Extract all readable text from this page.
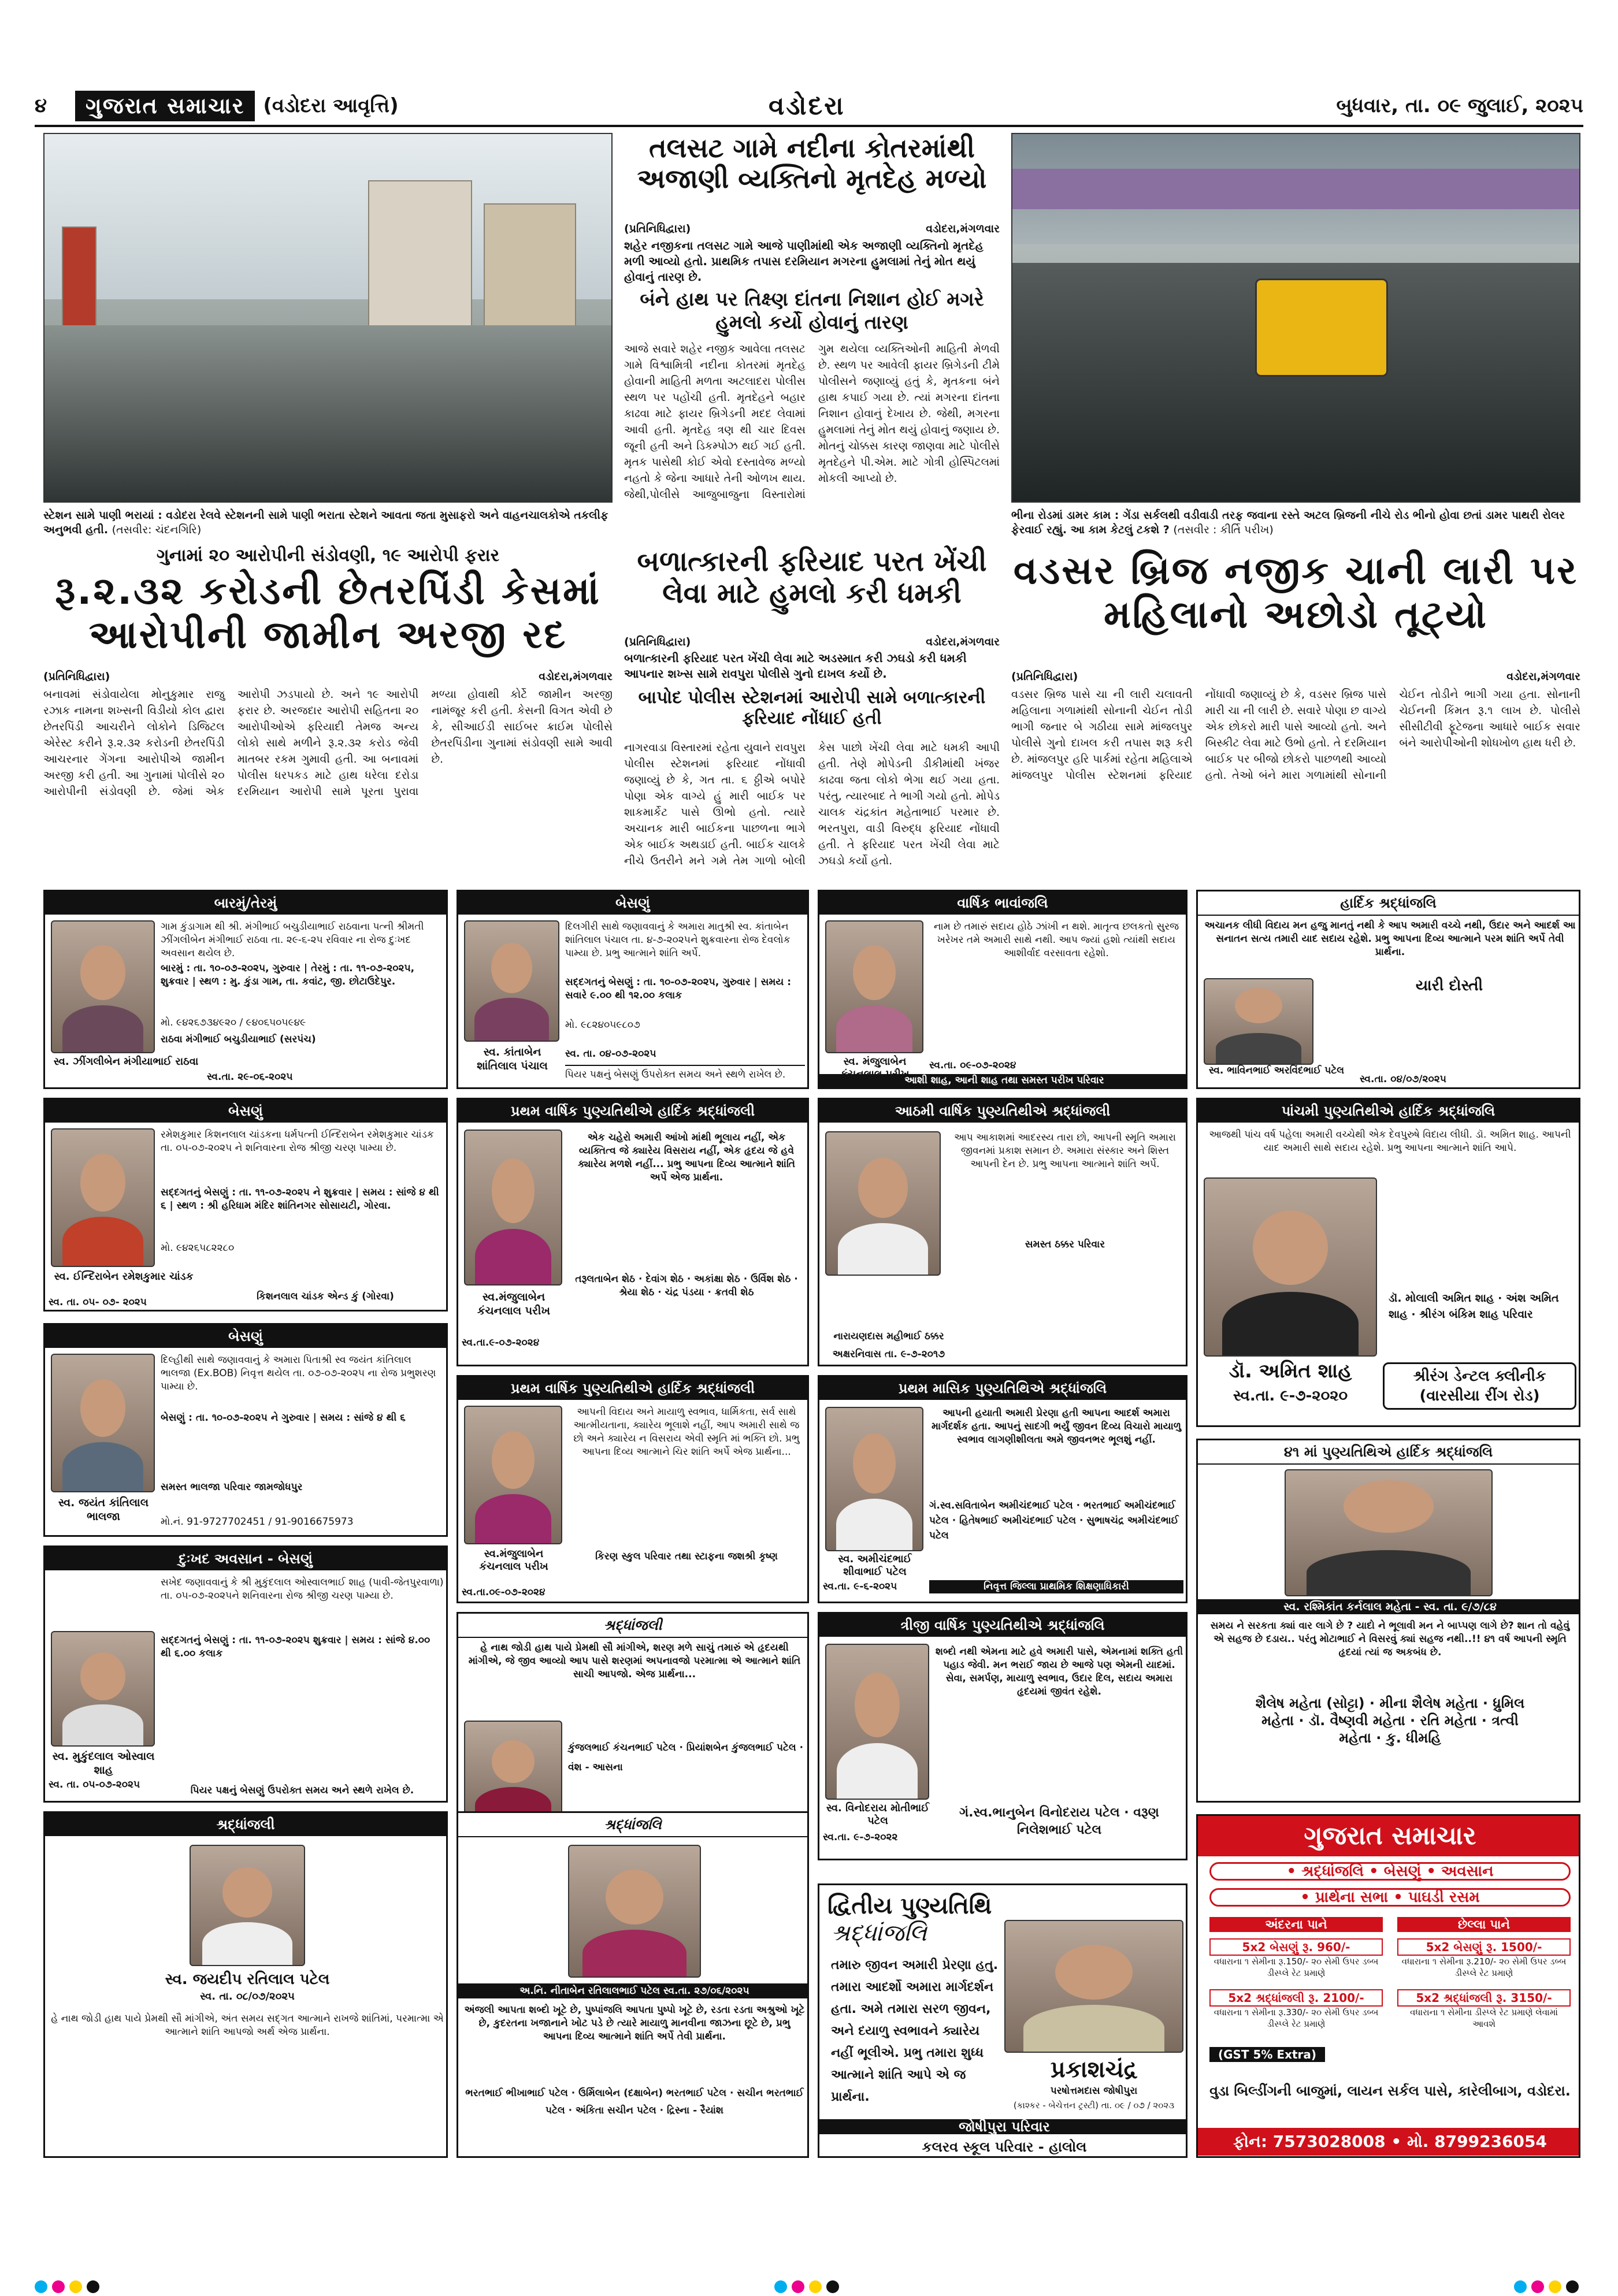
૪	ગુજરાત સમાચાર (વડોદરા આવૃત્તિ)	વડોદરા	બુધવાર, તા. ૦૯ જુલાઈ, ૨૦૨૫
સ્ટેશન સામે પાણી ભરાયાં : વડોદરા રેલવે સ્ટેશનની સામે પાણી ભરાતા સ્ટેશને આવતા જતા મુસાફરો અને વાહનચાલકોએ તકલીફ અનુભવી હતી. (તસવીર: ચંદનગિરિ)
તલસટ ગામે નદીના કોતરમાંથી અજાણી વ્યક્તિનો મૃતદેહ મળ્યો
(પ્રતિનિધિદ્વારા)	વડોદરા,મંગળવાર
શહેર નજીકના તલસટ ગામે આજે પાણીમાંથી એક અજાણી વ્યક્તિનો મૃતદેહ મળી આવ્યો હતો. પ્રાથમિક તપાસ દરમિયાન મગરના હુમલામાં તેનું મોત થયું હોવાનું તારણ છે.
બંને હાથ પર તિક્ષ્ણ દાંતના નિશાન હોઈ મગરે હુમલો કર્યો હોવાનું તારણ
આજે સવારે શહેર નજીક આવેલા તલસટ ગામે વિશ્વામિત્રી નદીના કોતરમાં મૃતદેહ હોવાની માહિતી મળતા અટલાદરા પોલીસ સ્થળ પર પહોંચી હતી. મૃતદેહને બહાર કાઢવા માટે ફાયર બ્રિગેડની મદદ લેવામાં આવી હતી. મૃતદેહ ત્રણ થી ચાર દિવસ જૂની હતી અને ડિકમ્પોઝ થઈ ગઈ હતી. મૃતક પાસેથી કોઈ એવો દસ્તાવેજ મળ્યો નહતો કે જેના આધારે તેની ઓળખ થાય. જેથી,પોલીસે આજુબાજુના વિસ્તારોમાં ગુમ થયેલા વ્યક્તિઓની માહિતી મેળવી છે. સ્થળ પર આવેલી ફાયર બ્રિગેડની ટીમે પોલીસને જણાવ્યું હતું કે, મૃતકના બંને હાથ કપાઈ ગયા છે. ત્યાં મગરના દાંતના નિશાન હોવાનું દેખાય છે. જેથી, મગરના હુમલામાં તેનું મોત થયું હોવાનું જણાય છે. મોતનું ચોક્કસ કારણ જાણવા માટે પોલીસે મૃતદેહને પી.એમ. માટે ગોત્રી હોસ્પિટલમાં મોકલી આપ્યો છે.
ભીના રોડમાં ડામર કામ : ગેંડા સર્કલથી વડીવાડી તરફ જવાના રસ્તે અટલ બ્રિજની નીચે રોડ ભીનો હોવા છતાં ડામર પાથરી રોલર ફેરવાઈ રહ્યું. આ કામ કેટલું ટકશે ? (તસવીર : કીર્તિ પરીખ)
ગુનામાં ૨૦ આરોપીની સંડોવણી, ૧૯ આરોપી ફરાર
રૂ.૨.૩૨ કરોડની છેતરપિંડી કેસમાં આરોપીની જામીન અરજી રદ
(પ્રતિનિધિદ્વારા)	વડોદરા,મંગળવાર
બનાવમાં સંડોવાયેલા મોનુકુમાર રાજુ રઝાક નામના શખ્સની વિડીયો કોલ દ્વારા છેતરપિંડી આચરીને લોકોને ડિજિટલ એરેસ્ટ કરીને રૂ.૨.૩૨ કરોડની છેતરપિંડી આચરનાર ગેંગના આરોપીએ જામીન અરજી કરી હતી. આ ગુનામાં પોલીસે ૨૦ આરોપીની સંડોવણી છે. જેમાં એક આરોપી ઝડપાયો છે. અને ૧૯ આરોપી ફરાર છે. અરજદાર આરોપી સહિતના ૨૦ આરોપીઓએ ફરિયાદી તેમજ અન્ય લોકો સાથે મળીને રૂ.૨.૩૨ કરોડ જેવી માતબર રકમ ગુમાવી હતી. આ બનાવમાં પોલીસ ધરપકડ માટે હાથ ધરેલા દરોડા દરમિયાન આરોપી સામે પૂરતા પુરાવા મળ્યા હોવાથી કોર્ટે જામીન અરજી નામંજૂર કરી હતી. કેસની વિગત એવી છે કે, સીઆઈડી સાઈબર ક્રાઈમ પોલીસે છેતરપિંડીના ગુનામાં સંડોવણી સામે આવી છે.
બળાત્કારની ફરિયાદ પરત ખેંચી લેવા માટે હુમલો કરી ધમકી
(પ્રતિનિધિદ્વારા)	વડોદરા,મંગળવાર
બળાત્કારની ફરિયાદ પરત ખેંચી લેવા માટે અડસ્માત કરી ઝઘડો કરી ધમકી આપનાર શખ્સ સામે રાવપુરા પોલીસે ગુનો દાખલ કર્યો છે.
બાપોદ પોલીસ સ્ટેશનમાં આરોપી સામે બળાત્કારની ફરિયાદ નોંધાઈ હતી
નાગરવાડા વિસ્તારમાં રહેતા યુવાને રાવપુરા પોલીસ સ્ટેશનમાં ફરિયાદ નોંધાવી જણાવ્યું છે કે, ગત તા. ૬ ઠ્ઠીએ બપોરે પોણા એક વાગ્યે હું મારી બાઈક પર શાકમાર્કેટ પાસે ઊભો હતો. ત્યારે અચાનક મારી બાઈકના પાછળના ભાગે એક બાઈક અથડાઈ હતી. બાઈક ચાલકે નીચે ઉતરીને મને ગમે તેમ ગાળો બોલી કેસ પાછો ખેંચી લેવા માટે ધમકી આપી હતી. તેણે મોપેડની ડીકીમાંથી ખંજર કાઢવા જતા લોકો ભેગા થઈ ગયા હતા. પરંતુ, ત્યારબાદ તે ભાગી ગયો હતો. મોપેડ ચાલક ચંદ્રકાંત મહેતાભાઈ પરમાર છે. ભરતપુરા, વાડી વિરુદ્ધ ફરિયાદ નોંધાવી હતી. તે ફરિયાદ પરત ખેંચી લેવા માટે ઝઘડો કર્યો હતો.
વડસર બ્રિજ નજીક ચાની લારી પર મહિલાનો અછોડો તૂટ્યો
(પ્રતિનિધિદ્વારા)	વડોદરા,મંગળવાર
વડસર બ્રિજ પાસે ચા ની લારી ચલાવતી મહિલાના ગળામાંથી સોનાની ચેઈન તોડી ભાગી જનાર બે ગઠીયા સામે માંજલપુર પોલીસે ગુનો દાખલ કરી તપાસ શરૂ કરી છે. માંજલપુર હરિ પાર્કમાં રહેતા મહિલાએ માંજલપુર પોલીસ સ્ટેશનમાં ફરિયાદ નોંધાવી જણાવ્યું છે કે, વડસર બ્રિજ પાસે મારી ચા ની લારી છે. સવારે પોણા છ વાગ્યે એક છોકરો મારી પાસે આવ્યો હતો. અને બિસ્કીટ લેવા માટે ઉભો હતો. તે દરમિયાન બાઈક પર બીજો છોકરો પાછળથી આવ્યો હતો. તેઓ બંને મારા ગળામાંથી સોનાની ચેઈન તોડીને ભાગી ગયા હતા. સોનાની ચેઈનની કિંમત રૂ.૧ લાખ છે. પોલીસે સીસીટીવી ફૂટેજના આધારે બાઈક સવાર બંને આરોપીઓની શોધખોળ હાથ ધરી છે.
બારમું/તેરમું
ગામ કુંડાગામ થી શ્રી. મંગીભાઈ બચુડીયાભાઈ રાઠવાના પત્ની શ્રીમતી ઝીંગલીબેન મંગીભાઈ રાઠવા તા. ૨૯-૬-૨૫ રવિવાર ના રોજ દુઃખદ અવસાન થયેલ છે.
બારમું : તા. ૧૦-૦૭-૨૦૨૫, ગુરુવાર | તેરમું : તા. ૧૧-૦૭-૨૦૨૫, શુક્રવાર | સ્થળ : મુ. કુંડા ગામ, તા. કવાંટ, જી. છોટાઉદેપુર.
મો. ૯૪૨૬૭૩૪૯૨૦ / ૯૪૦૬૫૦૫૯૪૯
રાઠવા મંગીભાઈ બચુડીયાભાઈ (સરપંચ)
સ્વ. ઝીંગલીબેન મંગીયાભાઈ રાઠવા
સ્વ.તા. ૨૯-૦૬-૨૦૨૫
બેસણું
દિલગીરી સાથે જણાવવાનું કે અમારા માતુશ્રી સ્વ. કાંતાબેન શાંતિલાલ પંચાલ તા. ૪-૭-૨૦૨૫ને શુક્રવારના રોજ દેવલોક પામ્યા છે. પ્રભુ આત્માને શાંતિ અર્પે.
સદ્દગતનું બેસણું : તા. ૧૦-૦૭-૨૦૨૫, ગુરુવાર | સમય : સવારે ૯.૦૦ થી ૧૨.૦૦ કલાક
મો. ૯૮૨૪૦૫૯૮૦૭
સ્વ. કાંતાબેન શાંતિલાલ પંચાલ
સ્વ. તા. ૦૪-૦૭-૨૦૨૫
પિયર પક્ષનું બેસણું ઉપરોક્ત સમય અને સ્થળે રાખેલ છે.
વાર્ષિક ભાવાંજલિ
નામ છે તમારું સદાય હોઠે ઝાંખી ન થશે. માતૃત્વ છલકતો સુરજ ખરેખર તમે અમારી સાથે નથી. આપ જ્યાં હશો ત્યાંથી સદાય આશીર્વાદ વરસાવતા રહેશો.
સ્વ. મંજુલાબેન	સ્વ.તા. ૦૯-૦૭-૨૦૨૪
આશી શાહ, આની શાહ તથા સમસ્ત પરીખ પરિવાર
હાર્દિક શ્રદ્ધાંજલિ
અચાનક લીધી વિદાય મન હજુ માનતું નથી કે આપ અમારી વચ્ચે નથી, ઉદાર અને આદર્શ આ સનાતન સત્ય તમારી યાદ સદાય રહેશે. પ્રભુ આપના દિવ્ય આત્માને પરમ શાંતિ અર્પે તેવી પ્રાર્થના.
યારી દોસ્તી
સ્વ. ભાવિનભાઈ અરવિંદભાઈ પટેલ
સ્વ.તા. ૦૪/૦૭/૨૦૨૫
બેસણું
રમેશકુમાર કિશનલાલ ચાંડકના ધર્મપત્ની ઈન્દિરાબેન રમેશકુમાર ચાંડક તા. ૦૫-૦૭-૨૦૨૫ ને શનિવારના રોજ શ્રીજી ચરણ પામ્યા છે.
સદ્દગતનું બેસણું : તા. ૧૧-૦૭-૨૦૨૫ ને શુક્રવાર | સમય : સાંજે ૪ થી ૬ | સ્થળ : શ્રી હરિધામ મંદિર શાંતિનગર સોસાયટી, ગોરવા.
મો. ૯૪૨૬૫૮૨૨૮૦
સ્વ. ઈન્દિરાબેન રમેશકુમાર ચાંડક
સ્વ. તા. ૦૫- ૦૭- ૨૦૨૫	કિશનલાલ ચાંડક એન્ડ કું (ગોરવા)
પ્રથમ વાર્ષિક પુણ્યતિથીએ હાર્દિક શ્રદ્ધાંજલી
એક ચહેરો અમારી આંખો માંથી ભૂલાય નહીં, એક વ્યક્તિત્વ જે ક્યારેય વિસરાય નહીં, એક હૃદય જે હવે ક્યારેય મળશે નહીં... પ્રભુ આપના દિવ્ય આત્માને શાંતિ અર્પે એજ પ્રાર્થના.
તરૂલતાબેન શેઠ · દેવાંગ શેઠ · અકાંક્ષા શેઠ · ઉર્વિશ શેઠ · શ્રેયા શેઠ · ચંદ્ર પંડયા · ક્રતવી શેઠ
સ્વ.મંજુલાબેન કંચનલાલ પરીખ
સ્વ.તા.૯-૦૭-૨૦૨૪
આઠમી વાર્ષિક પુણ્યતિથીએ શ્રદ્ધાંજલી
આપ આકાશમાં આદરસ્ય તારા છો, આપની સ્મૃતિ અમારા જીવનમાં પ્રકાશ સમાન છે. અમારા સંસ્કાર અને શિસ્ત આપની દેન છે. પ્રભુ આપના આત્માને શાંતિ અર્પે.
સમસ્ત ઠક્કર પરિવાર
નારાયણદાસ મહીભાઈ ઠક્કર
અક્ષરનિવાસ તા. ૯-૭-૨૦૧૭
પાંચમી પુણ્યતિથીએ હાર્દિક શ્રદ્ધાંજલિ
આજથી પાંચ વર્ષ પહેલા અમારી વચ્ચેથી એક દેવપુરુષે વિદાય લીધી. ડૉ. અમિત શાહ. આપની યાદ અમારી સાથે સદાય રહેશે. પ્રભુ આપના આત્માને શાંતિ આપે.
ડૉ. મોલાલી અમિત શાહ · અંશ અમિત શાહ · શ્રીરંગ બંકિમ શાહ પરિવાર
ડૉ. અમિત શાહ
સ્વ.તા. ૯-૭-૨૦૨૦
શ્રીરંગ ડેન્ટલ ક્લીનીક (વારસીયા રીંગ રોડ)
બેસણું
દિલ્હીથી સાથે જણાવવાનું કે અમારા પિતાશ્રી સ્વ જયંત કાંતિલાલ ભાલજા (Ex.BOB) નિવૃત્ત થયેલ તા. ૦૭-૦૭-૨૦૨૫ ના રોજ પ્રભુશરણ પામ્યા છે.
બેસણું : તા. ૧૦-૦૭-૨૦૨૫ ને ગુરુવાર | સમય : સાંજે ૪ થી ૬
સમસ્ત ભાલજા પરિવાર જામજોધપુર
મો.નં. 91-9727702451 / 91-9016675973
સ્વ. જયંત કાંતિલાલ ભાલજા
પ્રથમ વાર્ષિક પુણ્યતિથીએ હાર્દિક શ્રદ્ધાંજલી
આપની વિદાય અને માયાળુ સ્વભાવ, ધાર્મિકતા, સર્વ સાથે આત્મીયતાના, ક્યારેય ભૂલાશે નહીં, આપ અમારી સાથે જ છો અને ક્યારેય ન વિસરાય એવી સ્મૃતિ માં ભક્તિ છો. પ્રભુ આપના દિવ્ય આત્માને ચિર શાંતિ અર્પે એજ પ્રાર્થના...
કિરણ સ્કુલ પરિવાર તથા સ્ટાફના જશશ્રી કૃષ્ણ
સ્વ.મંજુલાબેન કંચનલાલ પરીખ
સ્વ.તા.૦૯-૦૭-૨૦૨૪
પ્રથમ માસિક પુણ્યતિથિએ શ્રદ્ધાંજલિ
આપની હયાતી અમારી પ્રેરણા હતી આપના આદર્શ અમારા માર્ગદર્શક હતા. આપનું સાદગી ભર્યું જીવન દિવ્ય વિચારો માયાળુ સ્વભાવ લાગણીશીલતા અમે જીવનભર ભૂલશું નહીં.
ગં.સ્વ.સવિતાબેન અમીચંદભાઈ પટેલ · ભરતભાઈ અમીચંદભાઈ પટેલ · હિતેષભાઈ અમીચંદભાઈ પટેલ · સુભાષચંદ્ર અમીચંદભાઈ પટેલ
સ્વ. અમીચંદભાઈ શીવાભાઈ પટેલ
સ્વ.તા. ૯-૬-૨૦૨૫	નિવૃત્ત જિલ્લા પ્રાથમિક શિક્ષણાધિકારી
દુઃખદ અવસાન - બેસણું
સખેદ જણાવવાનું કે શ્રી મુકુંદલાલ ઓસ્વાલભાઈ શાહ (પાવી-જેતપુરવાળા) તા. ૦૫-૦૭-૨૦૨૫ને શનિવારના રોજ શ્રીજી ચરણ પામ્યા છે.
સદ્દગતનું બેસણું : તા. ૧૧-૦૭-૨૦૨૫ શુક્રવાર | સમય : સાંજે ૪.૦૦ થી ૬.૦૦ કલાક
સ્વ. મુકુંદલાલ ઓસ્વાલ શાહ
સ્વ. તા. ૦૫-૦૭-૨૦૨૫	પિયર પક્ષનું બેસણું ઉપરોક્ત સમય અને સ્થળે રાખેલ છે.
શ્રદ્ધાંજલી
હે નાથ જોડી હાથ પાયે પ્રેમથી સૌ માંગીએ, શરણ મળે સાચું તમારું એ હૃદયથી માંગીએ, જે જીવ આવ્યો આપ પાસે શરણમાં અપનાવજો પરમાત્મા એ આત્માને શાંતિ સાચી આપજો. એજ પ્રાર્થના...
કુંજલભાઈ કંચનભાઈ પટેલ · પ્રિયાંશબેન કુંજલભાઈ પટેલ · વંશ - આસના
ત્રીજી વાર્ષિક પુણ્યતિથીએ શ્રદ્ધાંજલિ
શબ્દો નથી એમના માટે હવે અમારી પાસે, એમનામાં શક્તિ હતી પહાડ જેવી. મન ભરાઈ જાય છે આજે પણ એમની યાદમાં. સેવા, સમર્પણ, માયાળુ સ્વભાવ, ઉદાર દિલ, સદાય અમારા હૃદયમાં જીવંત રહેશે.
સ્વ. વિનોદરાય મોતીભાઈ પટેલ
સ્વ.તા. ૯-૭-૨૦૨૨
ગં.સ્વ.ભાનુબેન વિનોદરાય પટેલ · વરૂણ નિલેશભાઈ પટેલ
૪૧ માં પુણ્યતિથિએ હાર્દિક શ્રદ્ધાંજલિ
સ્વ. રશ્મિકાંત કર્નલાલ મહેતા - સ્વ. તા. ૯/૭/૮૪
સમય ને સરકતા ક્યાં વાર લાગે છે ? યાદો ને ભૂલાવી મન ને બાપ્પણ લાગે છે? શાન તો વહેવું એ સહજ છે દડાય.. પરંતુ મોટાભાઈ ને વિસરવું ક્યાં સહજ નથી..!! ૪૧ વર્ષ આપની સ્મૃતિ હૃદયાં ત્યાં જ અકબંધ છે.
શૈલેષ મહેતા (સોટ્ટા) · મીના શૈલેષ મહેતા · ધ્રુમિલ મહેતા · ડૉ. વૈષ્ણવી મહેતા · રતિ મહેતા · ત્રત્વી મહેતા · કુ. ધીમહિ
શ્રદ્ધાંજલી
સ્વ. જયદીપ રતિલાલ પટેલ
સ્વ. તા. ૦૮/૦૭/૨૦૨૫
હે નાથ જોડી હાથ પાયે પ્રેમથી સૌ માંગીએ, અંત સમય સદ્ગત આત્માને રાખજે શાંતિમાં, પરમાત્મા એ આત્માને શાંતિ આપજો અર્થ એજ પ્રાર્થના.
શ્રદ્ધાંજલિ
અ.નિ. નીતાબેન રતિલાલભાઈ પટેલ સ્વ.તા. ૨૭/૦૬/૨૦૨૫
અંજલી આપતા શબ્દો ખૂટે છે, પુષ્પાંજલિ આપતા પુષ્પો ખૂટે છે, રડતા રડતા અશ્રુઓ ખૂટે છે, કુદરતના ખજાનાને ખોટ પડે છે ત્યારે માયાળુ માનવીના જાઝના છૂટે છે, પ્રભુ આપના દિવ્ય આત્માને શાંતિ અર્પે તેવી પ્રાર્થના.
ભરતભાઈ ભીખાભાઈ પટેલ · ઉર્મિલાબેન (દક્ષાબેન) ભરતભાઈ પટેલ · સચીન ભરતભાઈ પટેલ · અંકિતા સચીન પટેલ · દ્રિસ્ના - રૈયાંશ
દ્વિતીય પુણ્યતિથિ
શ્રદ્ધાંજલિ
તમારુ જીવન અમારી પ્રેરણા હતુ. તમારા આદર્શો અમારા માર્ગદર્શન હતા. અમે તમારા સરળ જીવન, અને દયાળુ સ્વભાવને ક્યારેય નહીં ભૂલીએ. પ્રભુ તમારા શુધ્ધ આત્માને શાંતિ આપે એ જ પ્રાર્થના.
પ્રકાશચંદ્ર
પરષોત્તમદાસ જોષીપુરા
(કાશ્કર - બેચેત્તન ટ્રસ્ટી) તા. ૦૯ / ૦૭ / ૨૦૨૩
જોષીપુરા પરિવાર
કલરવ સ્કૂલ પરિવાર - હાલોલ
ગુજરાત સમાચાર
• શ્રદ્ધાંજલિ • બેસણું • અવસાન
• પ્રાર્થના સભા • પાઘડી રસમ
અંદરના પાને	છેલ્લા પાને
5x2 બેસણું રૂ. 960/-
વધારાના ૧ સેમીના રૂ.150/- ૨૦ સેમી ઉપર ડબ્બ ડીસ્પ્લે રેટ પ્રમાણે
5x2 બેસણું રૂ. 1500/-
વધારાના ૧ સેમીના રૂ.210/- ૨૦ સેમી ઉપર ડબ્બ ડીસ્પ્લે રેટ પ્રમાણે
5x2 શ્રદ્ધાંજલી રૂ. 2100/-
વધારાના ૧ સેમીના રૂ.330/- ૨૦ સેમી ઉપર ડબ્બ ડીસ્પ્લે રેટ પ્રમાણે
5x2 શ્રદ્ધાંજલી રૂ. 3150/-
વધારાના ૧ સેમીના ડીસ્પ્લે રેટ પ્રમાણે લેવામાં આવશે
(GST 5% Extra)
વુડા બિલ્ડીંગની બાજુમાં, લાયન સર્કલ પાસે, કારેલીબાગ, વડોદરા.
ફોન: 7573028008 • મો. 8799236054
